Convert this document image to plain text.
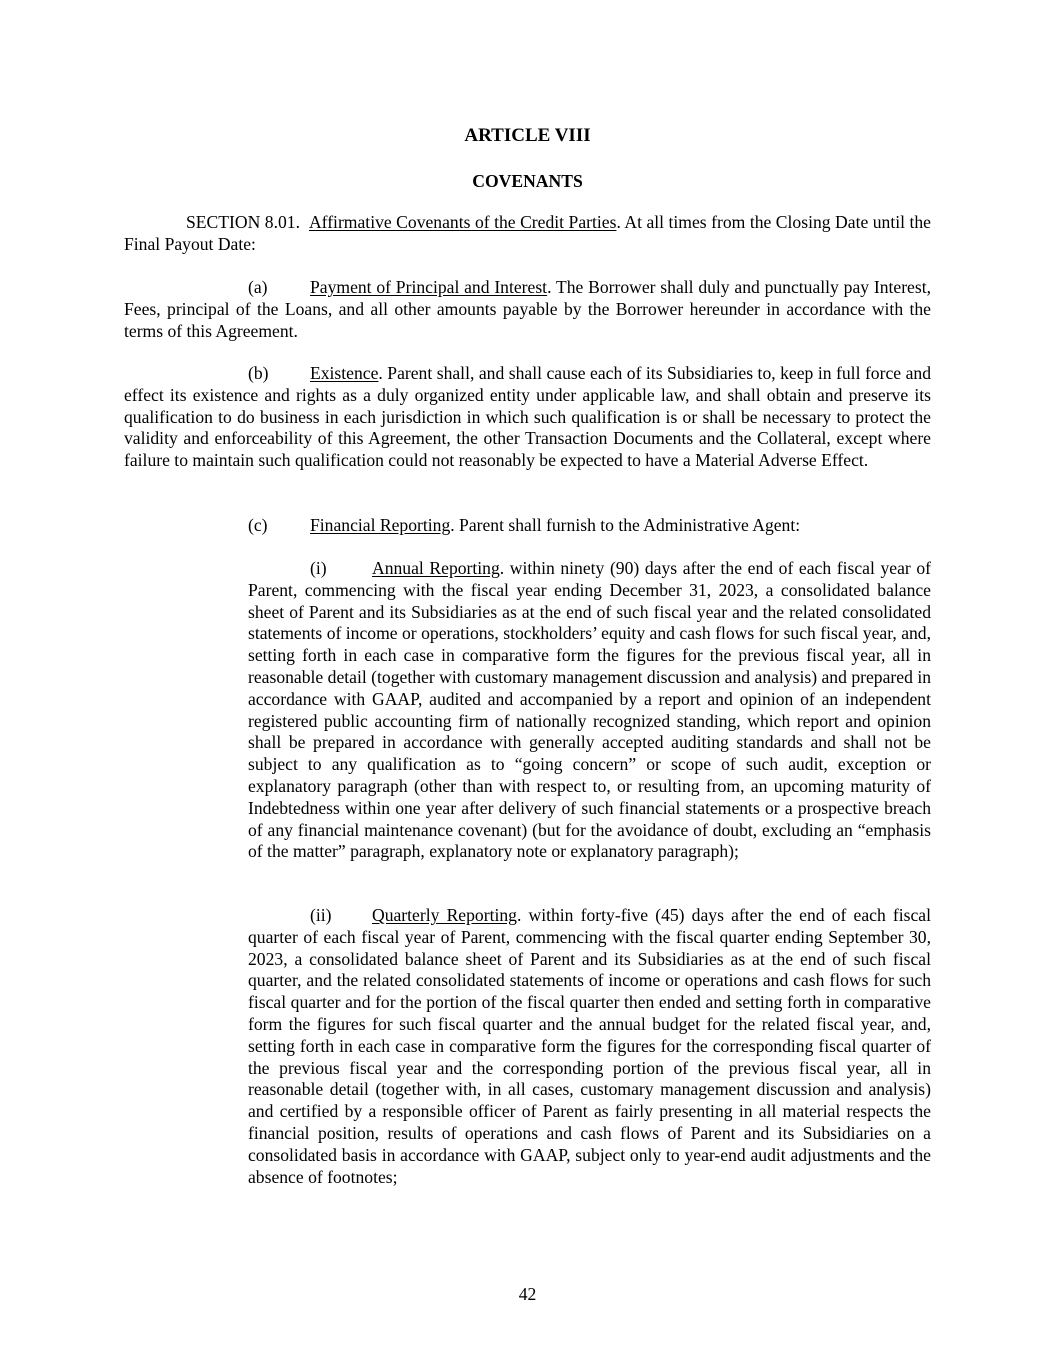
ARTICLE VIII
COVENANTS

SECTION 8.01. Affirmative Covenants of the Credit Parties. At all times from the Closing Date until the Final Payout Date:

(a) Payment of Principal and Interest. The Borrower shall duly and punctually pay Interest, Fees, principal of the Loans, and all other amounts payable by the Borrower hereunder in accordance with the terms of this Agreement.

(b) Existence. Parent shall, and shall cause each of its Subsidiaries to, keep in full force and effect its existence and rights as a duly organized entity under applicable law, and shall obtain and preserve its qualification to do business in each jurisdiction in which such qualification is or shall be necessary to protect the validity and enforceability of this Agreement, the other Transaction Documents and the Collateral, except where failure to maintain such qualification could not reasonably be expected to have a Material Adverse Effect.

(c) Financial Reporting. Parent shall furnish to the Administrative Agent:

(i)	Annual Reporting. within ninety (90) days after the end of each fiscal year of Parent, commencing with the fiscal year ending December 31, 2023, a consolidated balance sheet of Parent and its Subsidiaries as at the end of such fiscal year and the related consolidated statements of income or operations, stockholders’ equity and cash flows for such fiscal year, and, setting forth in each case in comparative form the figures for the previous fiscal year, all in reasonable detail (together with customary management discussion and analysis) and prepared in accordance with GAAP, audited and accompanied by a report and opinion of an independent registered public accounting firm of nationally recognized standing, which report and opinion shall be prepared in accordance with generally accepted auditing standards and shall not be subject to any qualification as to “going concern” or scope of such audit, exception or explanatory paragraph (other than with respect to, or resulting from, an upcoming maturity of Indebtedness within one year after delivery of such financial statements or a prospective breach of any financial maintenance covenant) (but for the avoidance of doubt, excluding an “emphasis of the matter” paragraph, explanatory note or explanatory paragraph);

(ii) Quarterly Reporting. within forty-five (45) days after the end of each fiscal quarter of each fiscal year of Parent, commencing with the fiscal quarter ending September 30, 2023, a consolidated balance sheet of Parent and its Subsidiaries as at the end of such fiscal quarter, and the related consolidated statements of income or operations and cash flows for such fiscal quarter and for the portion of the fiscal quarter then ended and setting forth in comparative form the figures for such fiscal quarter and the annual budget for the related fiscal year, and, setting forth in each case in comparative form the figures for the corresponding fiscal quarter of the previous fiscal year and the corresponding portion of the previous fiscal year, all in reasonable detail (together with, in all cases, customary management discussion and analysis) and certified by a responsible officer of Parent as fairly presenting in all material respects the financial position, results of operations and cash flows of Parent and its Subsidiaries on a consolidated basis in accordance with GAAP, subject only to year-end audit adjustments and the absence of footnotes;

42
